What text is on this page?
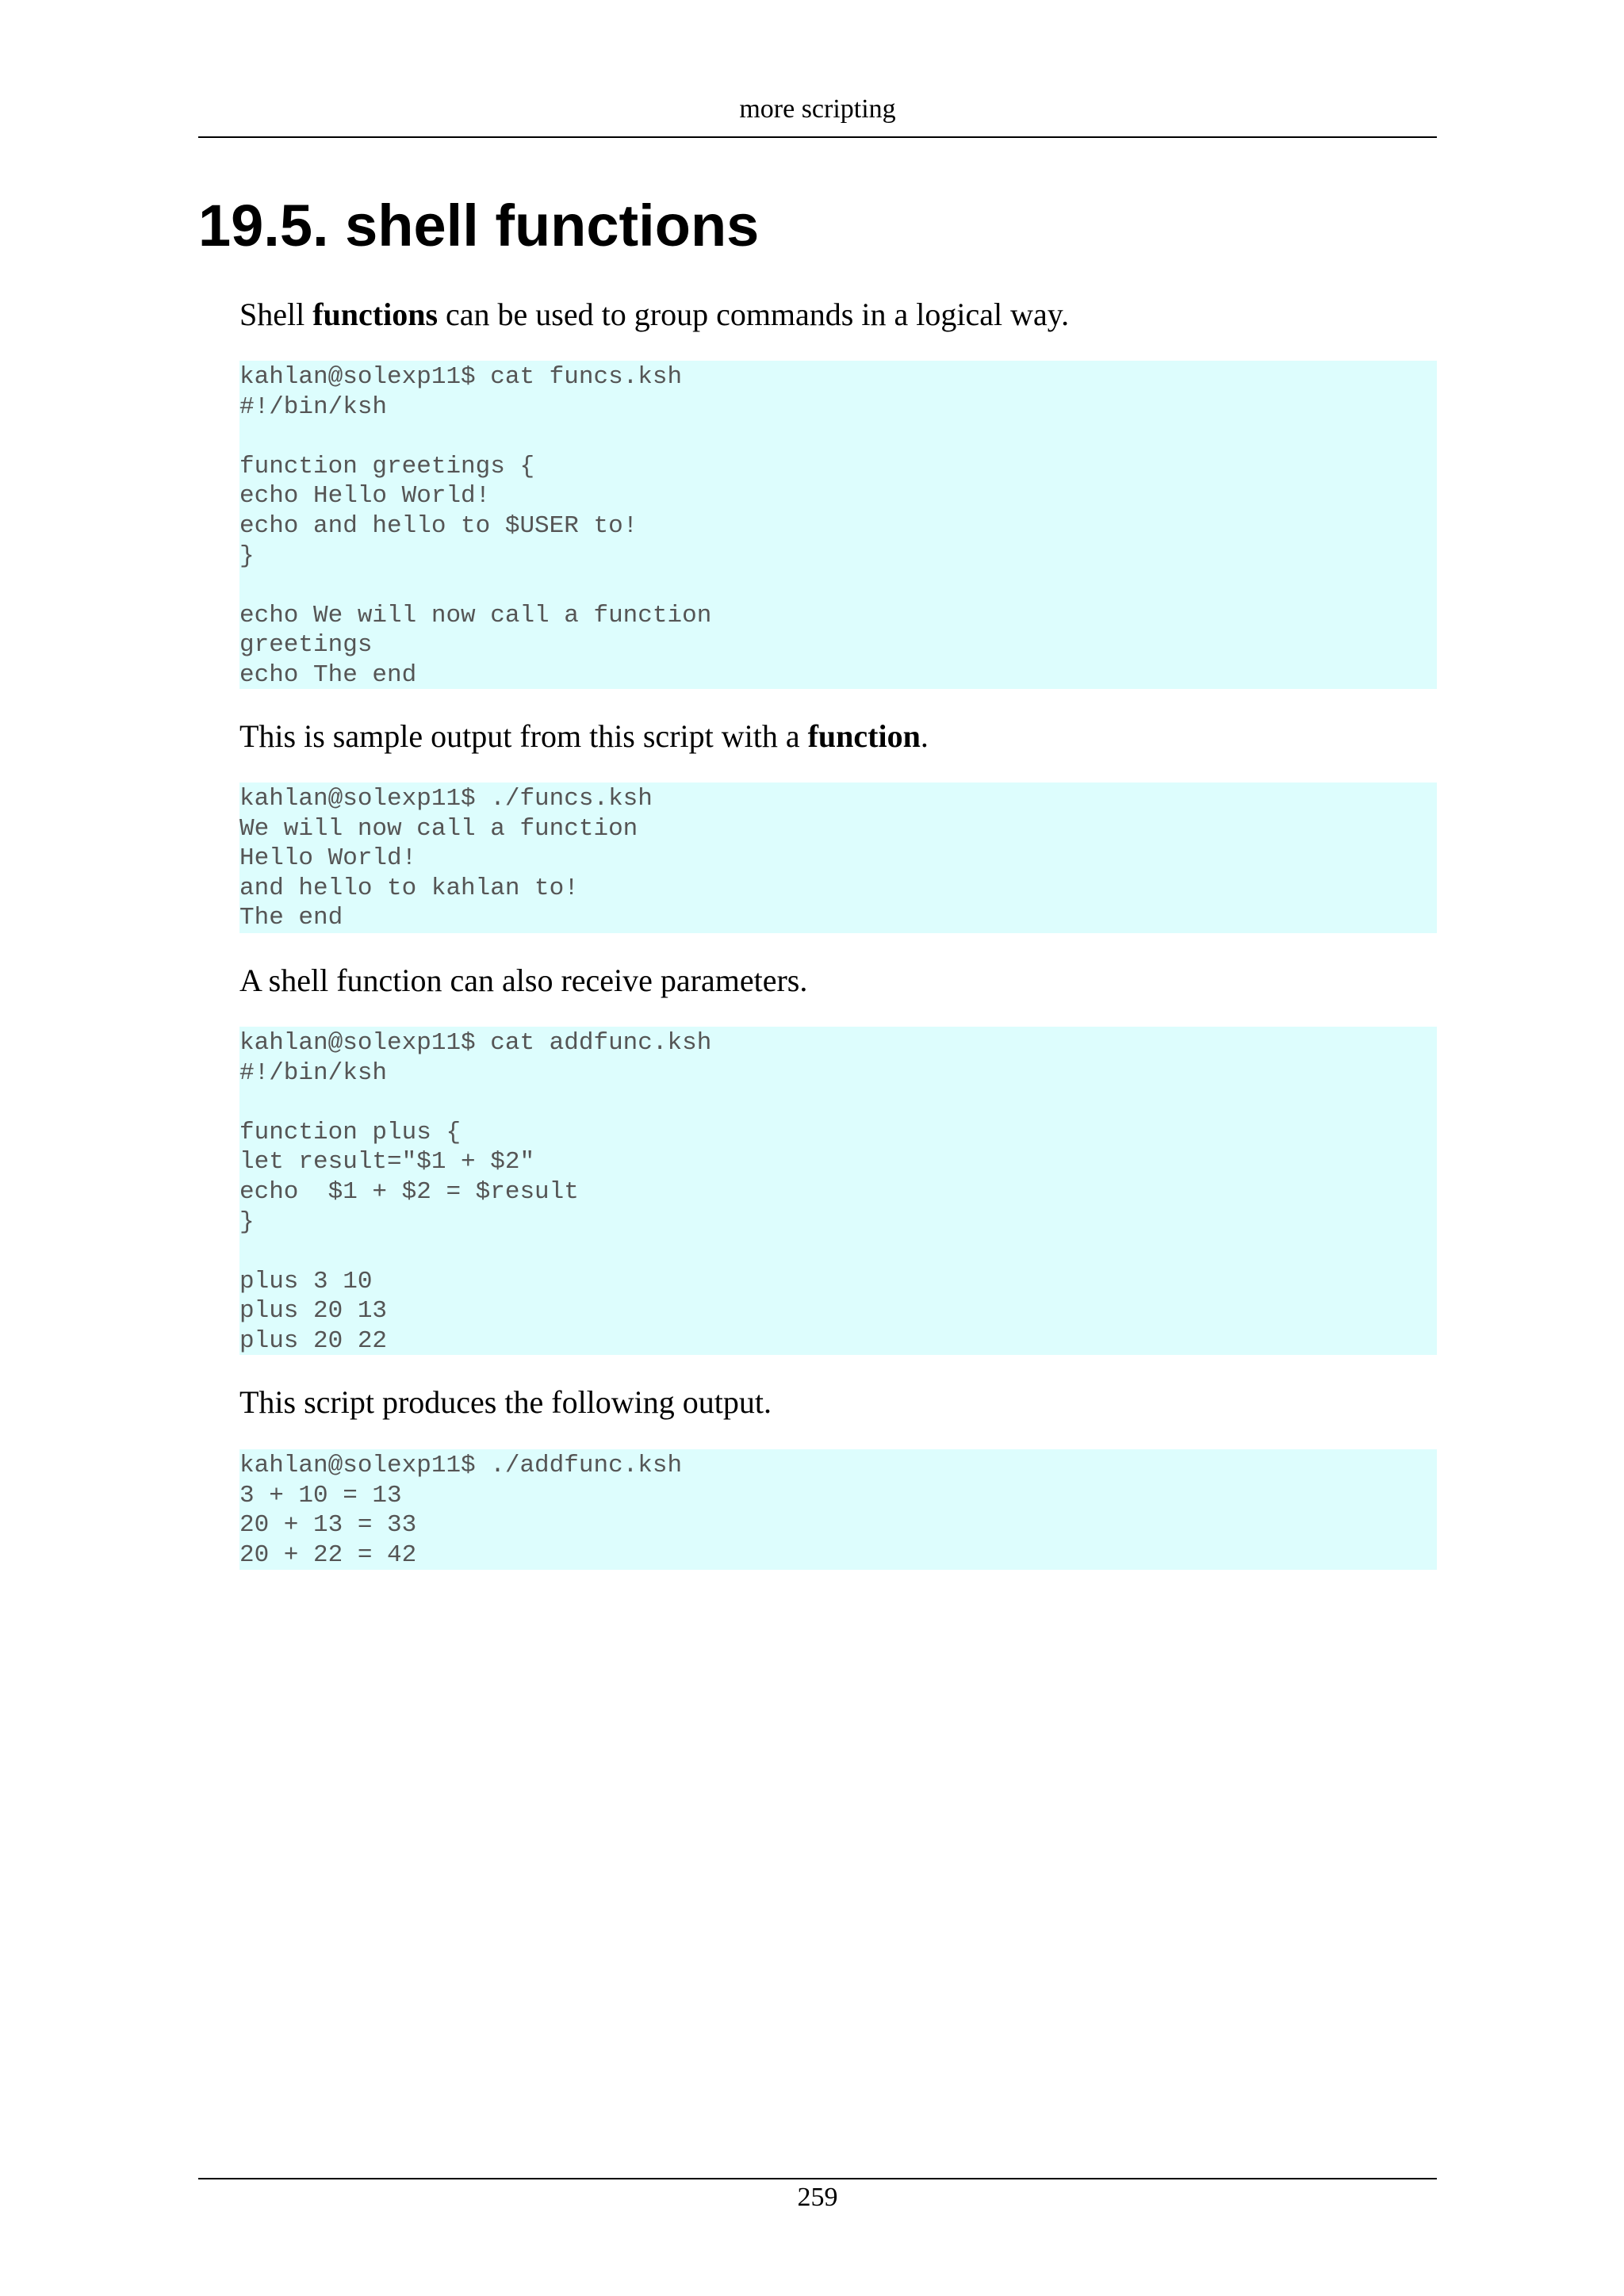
more scripting
19.5. shell functions

Shell functions can be used to group commands in a logical way.

kahlan@solexp11$ cat funcs.ksh
#!/bin/ksh
function greetings {
echo Hello World!
echo and hello to $USER to!
}
echo We will now call a function
greetings
echo The end

This is sample output from this script with a function.

kahlan@solexp11$ ./funcs.ksh
We will now call a function
Hello World!
and hello to kahlan to!
The end

A shell function can also receive parameters.

kahlan@solexp11$ cat addfunc.ksh
#!/bin/ksh
function plus {
let result="$1 + $2"
echo  $1 + $2 = $result
}
plus 3 10
plus 20 13
plus 20 22

This script produces the following output.

kahlan@solexp11$ ./addfunc.ksh
3 + 10 = 13
20 + 13 = 33
20 + 22 = 42
259
